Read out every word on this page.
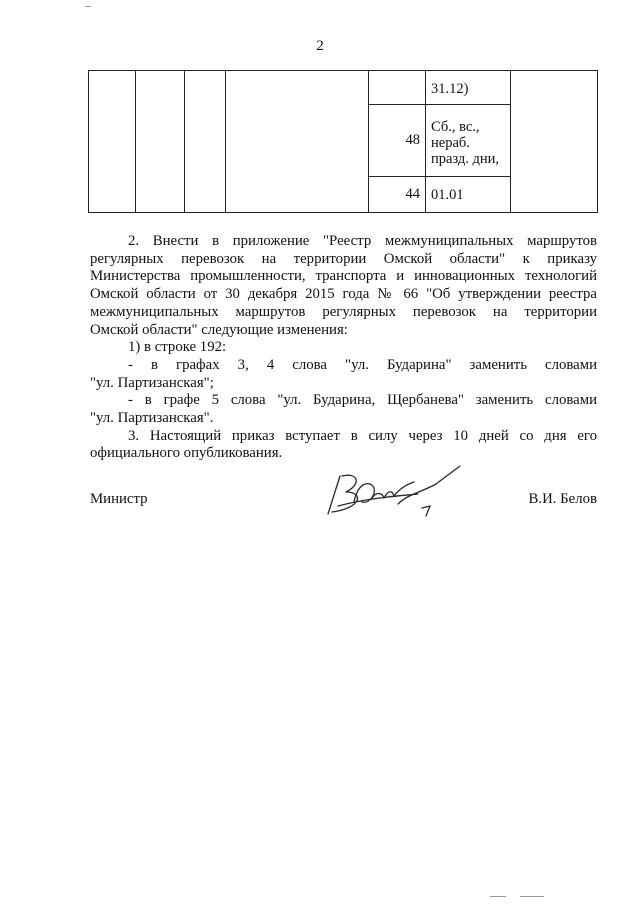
2
					31.12)	
				48	Сб., вс., нераб. празд. дни,	
				44	01.01	

2. Внести в приложение "Реестр межмуниципальных маршрутов

регулярных перевозок на территории Омской области" к приказу

Министерства промышленности, транспорта и инновационных технологий

Омской области от 30 декабря 2015 года № 66 "Об утверждении реестра

межмуниципальных маршрутов регулярных перевозок на территории

Омской области" следующие изменения:

1) в строке 192:

- в графах 3, 4 слова "ул. Бударина" заменить словами

"ул. Партизанская";

- в графе 5 слова "ул. Бударина, Щербанева" заменить словами

"ул. Партизанская".

3. Настоящий приказ вступает в силу через 10 дней со дня его

официального опубликования.

Министр	В.И. Белов
